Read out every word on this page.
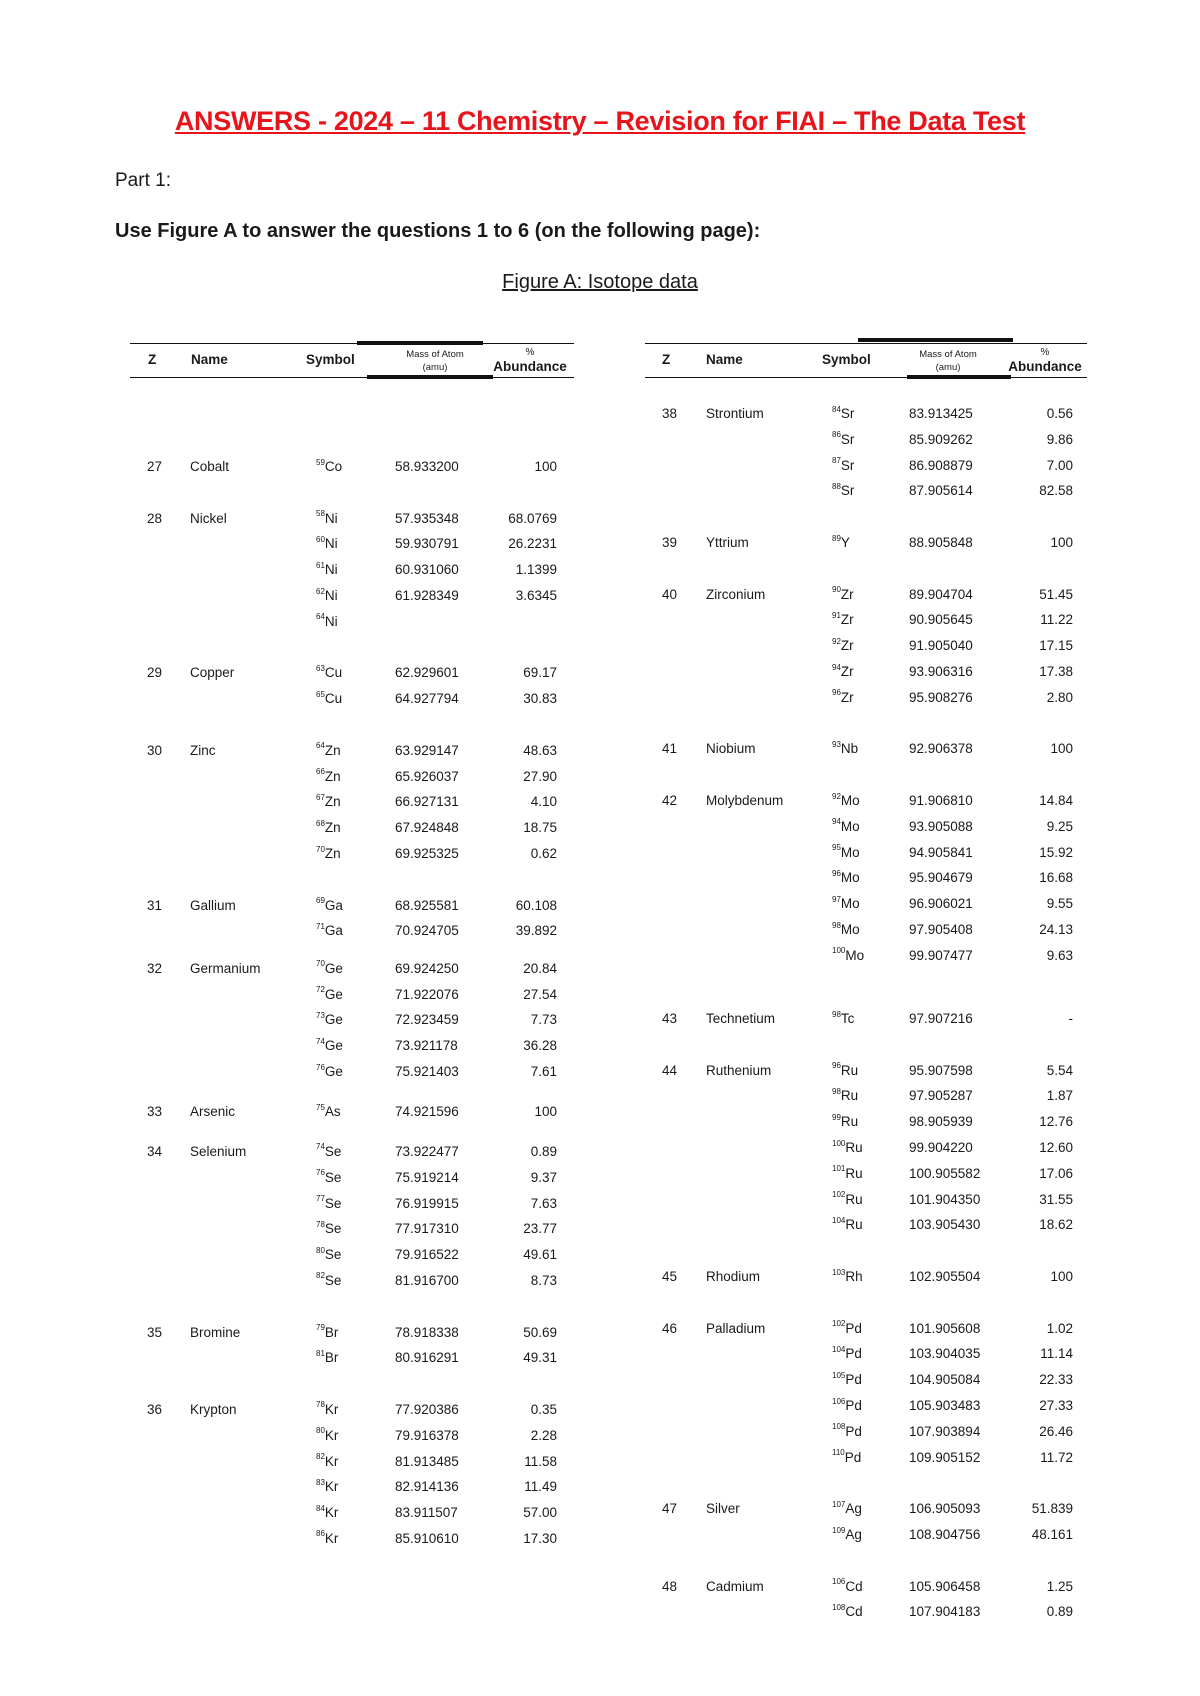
ANSWERS - 2024 – 11 Chemistry – Revision for FIAI – The Data Test
Part 1:
Use Figure A to answer the questions 1 to 6 (on the following page):
Figure A: Isotope data
Z	Name	Symbol	Mass of Atom
(amu)
%
Abundance	Z	Name	Symbol	Mass of Atom
(amu)
%
Abundance
27 Cobalt	$^{59}$Co	58.933200	100
28 Nickel	$^{58}$Ni	57.935348	68.0769
$^{60}$Ni	59.930791	26.2231
$^{61}$Ni	60.931060	1.1399
$^{62}$Ni	61.928349	3.6345
$^{64}$Ni
29 Copper	$^{63}$Cu	62.929601	69.17
$^{65}$Cu	64.927794	30.83
30 Zinc	$^{64}$Zn	63.929147	48.63
$^{66}$Zn	65.926037	27.90
$^{67}$Zn	66.927131	4.10
$^{68}$Zn	67.924848	18.75
$^{70}$Zn	69.925325	0.62
31 Gallium	$^{69}$Ga	68.925581	60.108
$^{71}$Ga	70.924705	39.892
32 Germanium	$^{70}$Ge	69.924250	20.84
$^{72}$Ge	71.922076	27.54
$^{73}$Ge	72.923459	7.73
$^{74}$Ge	73.921178	36.28
$^{76}$Ge	75.921403	7.61
33 Arsenic	$^{75}$As	74.921596	100
34 Selenium	$^{74}$Se	73.922477	0.89
$^{76}$Se	75.919214	9.37
$^{77}$Se	76.919915	7.63
$^{78}$Se	77.917310	23.77
$^{80}$Se	79.916522	49.61
$^{82}$Se	81.916700	8.73
35 Bromine	$^{79}$Br	78.918338	50.69
$^{81}$Br	80.916291	49.31
36 Krypton	$^{78}$Kr	77.920386	0.35
$^{80}$Kr	79.916378	2.28
$^{82}$Kr	81.913485	11.58
$^{83}$Kr	82.914136	11.49
$^{84}$Kr	83.911507	57.00
$^{86}$Kr	85.910610	17.30
38 Strontium	$^{84}$Sr	83.913425	0.56
$^{86}$Sr	85.909262	9.86
$^{87}$Sr	86.908879	7.00
$^{88}$Sr	87.905614	82.58
39 Yttrium	$^{89}$Y	88.905848	100
40 Zirconium	$^{90}$Zr	89.904704	51.45
$^{91}$Zr	90.905645	11.22
$^{92}$Zr	91.905040	17.15
$^{94}$Zr	93.906316	17.38
$^{96}$Zr	95.908276	2.80
41 Niobium	$^{93}$Nb	92.906378	100
42 Molybdenum	$^{92}$Mo	91.906810	14.84
$^{94}$Mo	93.905088	9.25
$^{95}$Mo	94.905841	15.92
$^{96}$Mo	95.904679	16.68
$^{97}$Mo	96.906021	9.55
$^{98}$Mo	97.905408	24.13
$^{100}$Mo	99.907477	9.63
43 Technetium	$^{98}$Tc	97.907216	-
44 Ruthenium	$^{96}$Ru	95.907598	5.54
$^{98}$Ru	97.905287	1.87
$^{99}$Ru	98.905939	12.76
$^{100}$Ru	99.904220	12.60
$^{101}$Ru	100.905582	17.06
$^{102}$Ru	101.904350	31.55
$^{104}$Ru	103.905430	18.62
45 Rhodium	$^{103}$Rh	102.905504	100
46 Palladium	$^{102}$Pd	101.905608	1.02
$^{104}$Pd	103.904035	11.14
$^{105}$Pd	104.905084	22.33
$^{106}$Pd	105.903483	27.33
$^{108}$Pd	107.903894	26.46
$^{110}$Pd	109.905152	11.72
47 Silver	$^{107}$Ag	106.905093	51.839
$^{109}$Ag	108.904756	48.161
48 Cadmium	$^{106}$Cd	105.906458	1.25
$^{108}$Cd	107.904183	0.89
